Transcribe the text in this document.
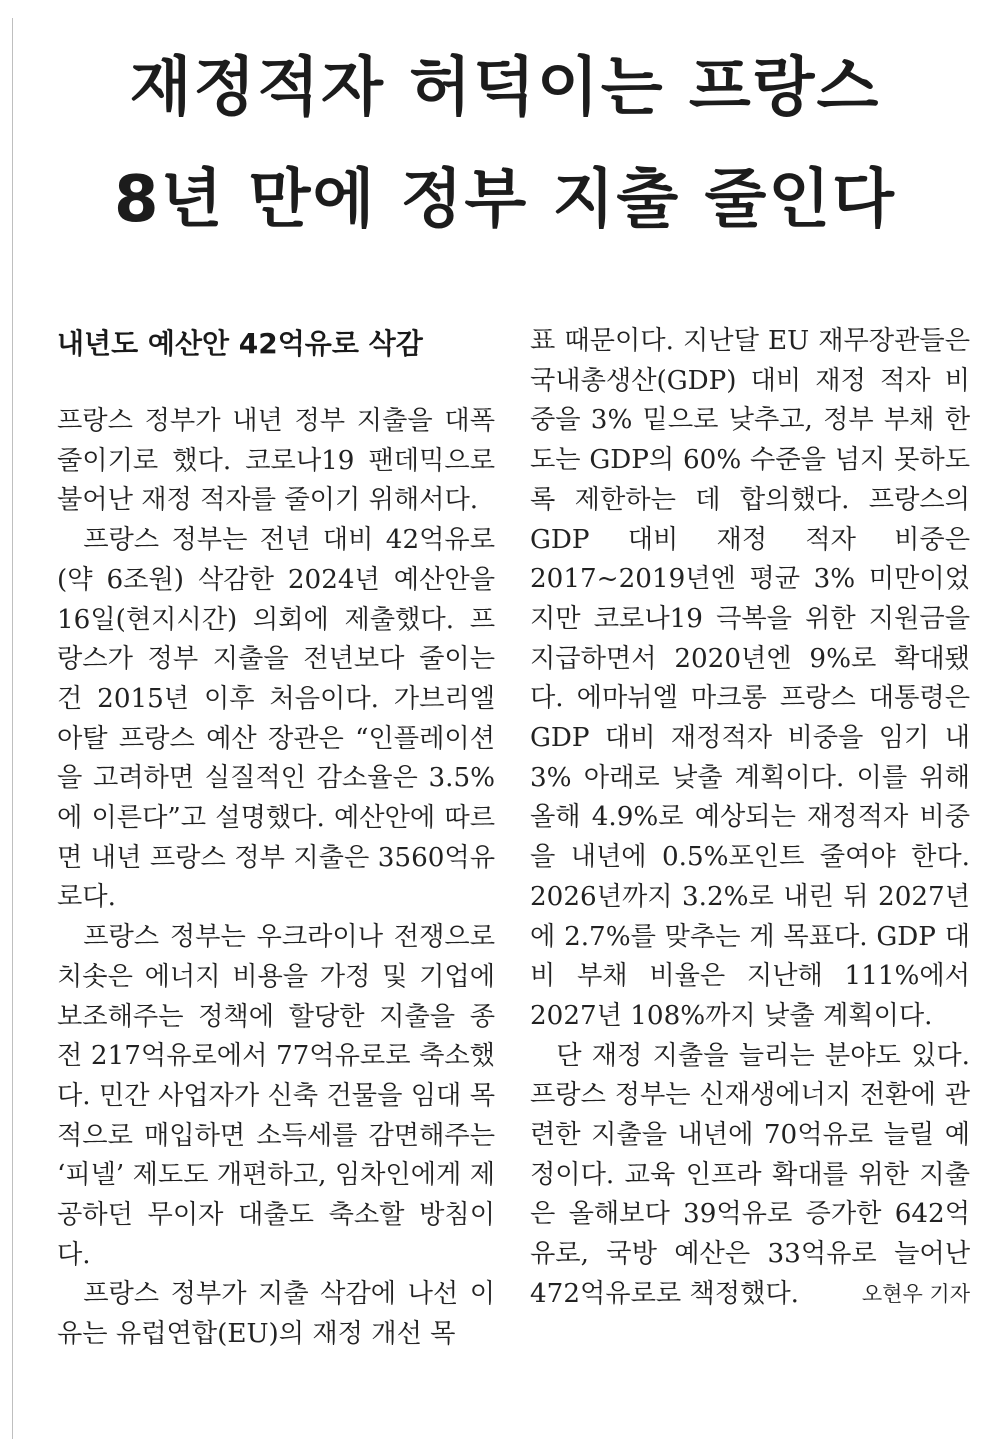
재정적자 허덕이는 프랑스
8년 만에 정부 지출 줄인다
내년도 예산안 42억유로 삭감

프랑스 정부가 내년 정부 지출을 대폭 줄이기로 했다. 코로나19 팬데믹으로 불어난 재정 적자를 줄이기 위해서다.

프랑스 정부는 전년 대비 42억유로(약 6조원) 삭감한 2024년 예산안을 16일(현지시간) 의회에 제출했다. 프랑스가 정부 지출을 전년보다 줄이는 건 2015년 이후 처음이다. 가브리엘 아탈 프랑스 예산 장관은 “인플레이션을 고려하면 실질적인 감소율은 3.5%에 이른다”고 설명했다. 예산안에 따르면 내년 프랑스 정부 지출은 3560억유로다.

프랑스 정부는 우크라이나 전쟁으로 치솟은 에너지 비용을 가정 및 기업에 보조해주는 정책에 할당한 지출을 종전 217억유로에서 77억유로로 축소했다. 민간 사업자가 신축 건물을 임대 목적으로 매입하면 소득세를 감면해주는 ‘피넬’ 제도도 개편하고, 임차인에게 제공하던 무이자 대출도 축소할 방침이다.

프랑스 정부가 지출 삭감에 나선 이유는 유럽연합(EU)의 재정 개선 목

표 때문이다. 지난달 EU 재무장관들은 국내총생산(GDP) 대비 재정 적자 비중을 3% 밑으로 낮추고, 정부 부채 한도는 GDP의 60% 수준을 넘지 못하도록 제한하는 데 합의했다. 프랑스의 GDP 대비 재정 적자 비중은 2017~2019년엔 평균 3% 미만이었지만 코로나19 극복을 위한 지원금을 지급하면서 2020년엔 9%로 확대됐다. 에마뉘엘 마크롱 프랑스 대통령은 GDP 대비 재정적자 비중을 임기 내 3% 아래로 낮출 계획이다. 이를 위해 올해 4.9%로 예상되는 재정적자 비중을 내년에 0.5%포인트 줄여야 한다. 2026년까지 3.2%로 내린 뒤 2027년에 2.7%를 맞추는 게 목표다. GDP 대비 부채 비율은 지난해 111%에서 2027년 108%까지 낮출 계획이다.

단 재정 지출을 늘리는 분야도 있다. 프랑스 정부는 신재생에너지 전환에 관련한 지출을 내년에 70억유로 늘릴 예정이다. 교육 인프라 확대를 위한 지출은 올해보다 39억유로 증가한 642억유로, 국방 예산은 33억유로 늘어난 472억유로로 책정했다.	오현우 기자
